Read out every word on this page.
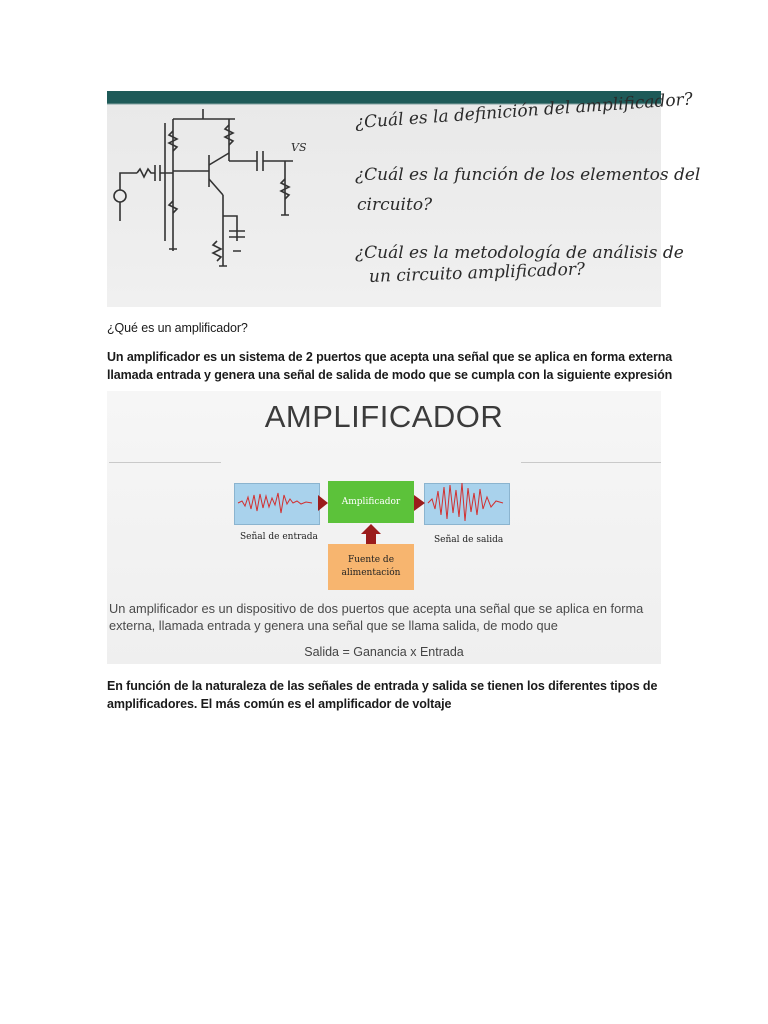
VS
¿Cuál es la definición del amplificador?
¿Cuál es la función de los elementos del
circuito?
¿Cuál es la metodología de análisis de
un circuito amplificador?
¿Qué es un amplificador?
Un amplificador es un sistema de 2 puertos que acepta una señal que se aplica en forma externa
llamada entrada y genera una señal de salida de modo que se cumpla con la siguiente expresión
AMPLIFICADOR
Amplificador
Fuente de
alimentación
Señal de entrada	Señal de salida
Un amplificador es un dispositivo de dos puertos que acepta una señal que se aplica en forma
externa, llamada entrada y genera una señal que se llama salida, de modo que
Salida = Ganancia x Entrada
En función de la naturaleza de las señales de entrada y salida se tienen los diferentes tipos de
amplificadores. El más común es el amplificador de voltaje
